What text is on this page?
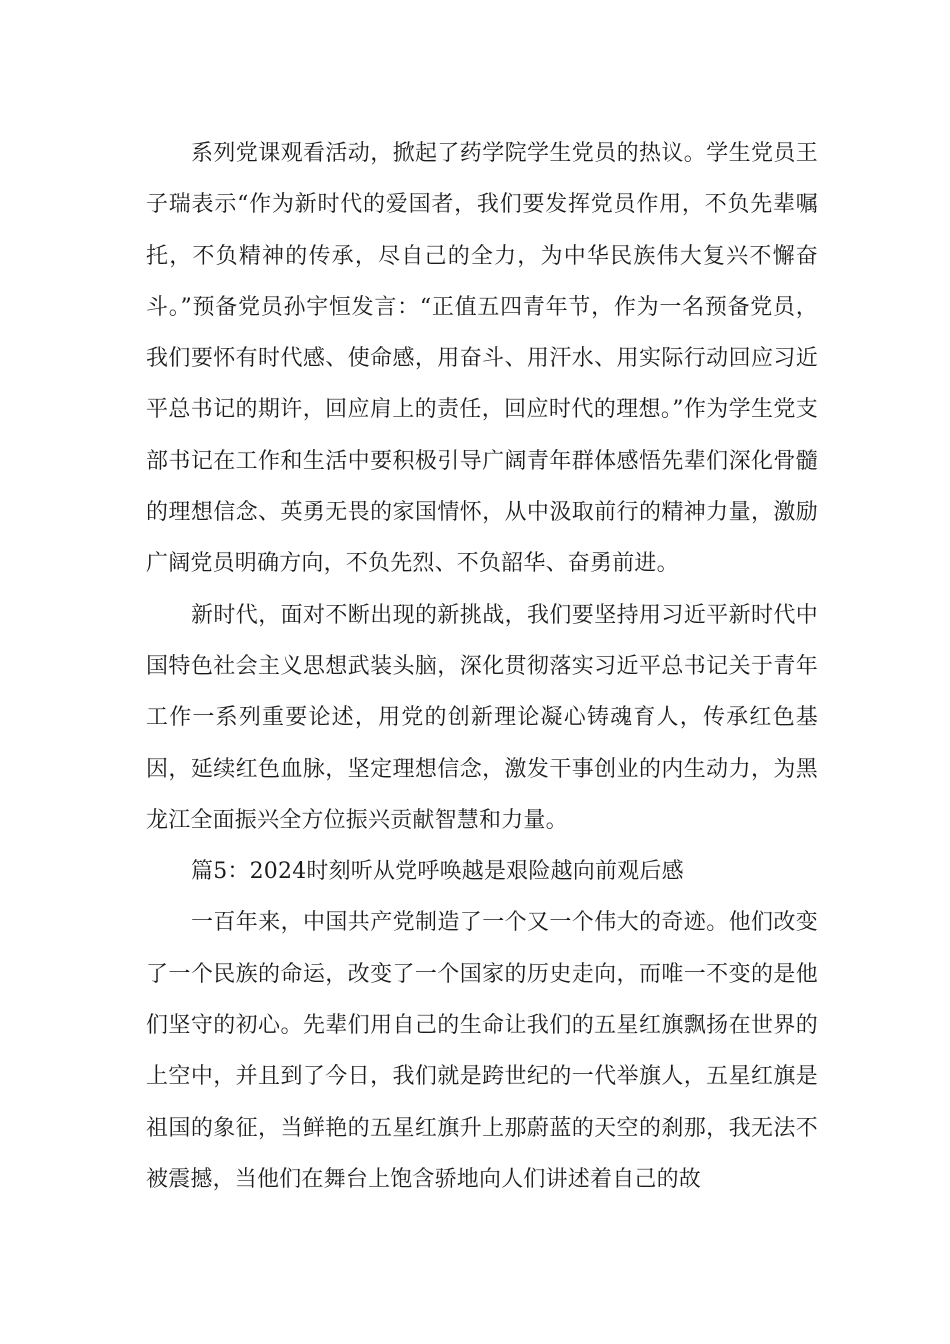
系列党课观看活动，掀起了药学院学生党员的热议。学生党员王子瑞表示“作为新时代的爱国者，我们要发挥党员作用，不负先辈嘱托，不负精神的传承，尽自己的全力，为中华民族伟大复兴不懈奋斗。”预备党员孙宇恒发言：“正值五四青年节，作为一名预备党员，我们要怀有时代感、使命感，用奋斗、用汗水、用实际行动回应习近平总书记的期许，回应肩上的责任，回应时代的理想。”作为学生党支部书记在工作和生活中要积极引导广阔青年群体感悟先辈们深化骨髓的理想信念、英勇无畏的家国情怀，从中汲取前行的精神力量，激励广阔党员明确方向，不负先烈、不负韶华、奋勇前进。

新时代，面对不断出现的新挑战，我们要坚持用习近平新时代中国特色社会主义思想武装头脑，深化贯彻落实习近平总书记关于青年工作一系列重要论述，用党的创新理论凝心铸魂育人，传承红色基因，延续红色血脉，坚定理想信念，激发干事创业的内生动力，为黑龙江全面振兴全方位振兴贡献智慧和力量。

篇5：2024时刻听从党呼唤越是艰险越向前观后感

一百年来，中国共产党制造了一个又一个伟大的奇迹。他们改变了一个民族的命运，改变了一个国家的历史走向，而唯一不变的是他们坚守的初心。先辈们用自己的生命让我们的五星红旗飘扬在世界的上空中，并且到了今日，我们就是跨世纪的一代举旗人，五星红旗是祖国的象征，当鲜艳的五星红旗升上那蔚蓝的天空的刹那，我无法不被震撼，当他们在舞台上饱含骄地向人们讲述着自己的故
